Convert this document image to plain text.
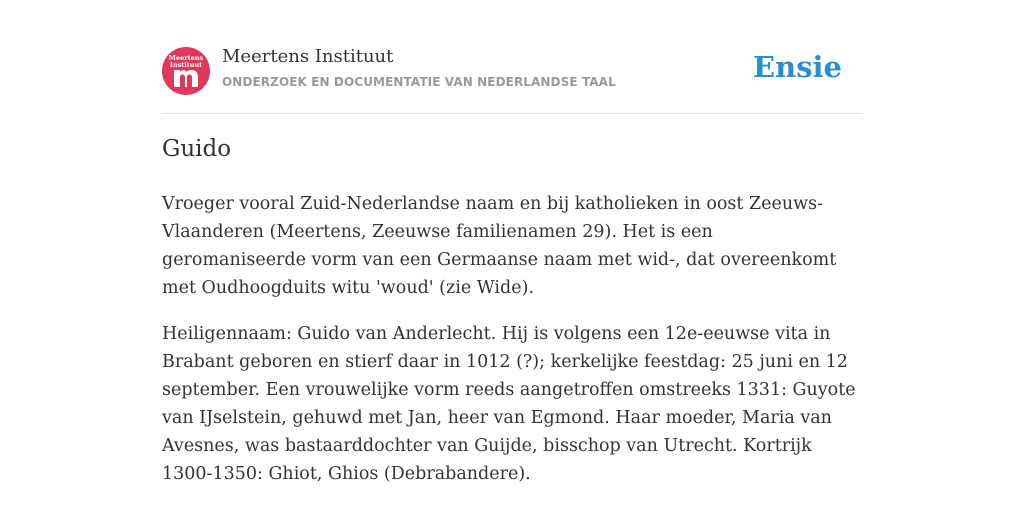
Meertens
Instituut	Meertens Instituut
ONDERZOEK EN DOCUMENTATIE VAN NEDERLANDSE TAAL	Ensie
Guido

Vroeger vooral Zuid-Nederlandse naam en bij katholieken in oost Zeeuws-Vlaanderen (Meertens, Zeeuwse familienamen 29). Het is een geromaniseerde vorm van een Germaanse naam met wid-, dat overeenkomt met Oudhoogduits witu 'woud' (zie Wide).

Heiligennaam: Guido van Anderlecht. Hij is volgens een 12e-eeuwse vita in Brabant geboren en stierf daar in 1012 (?); kerkelijke feestdag: 25 juni en 12 september. Een vrouwelijke vorm reeds aangetroffen omstreeks 1331: Guyote van IJselstein, gehuwd met Jan, heer van Egmond. Haar moeder, Maria van Avesnes, was bastaarddochter van Guijde, bisschop van Utrecht. Kortrijk 1300-1350: Ghiot, Ghios (Debrabandere).
